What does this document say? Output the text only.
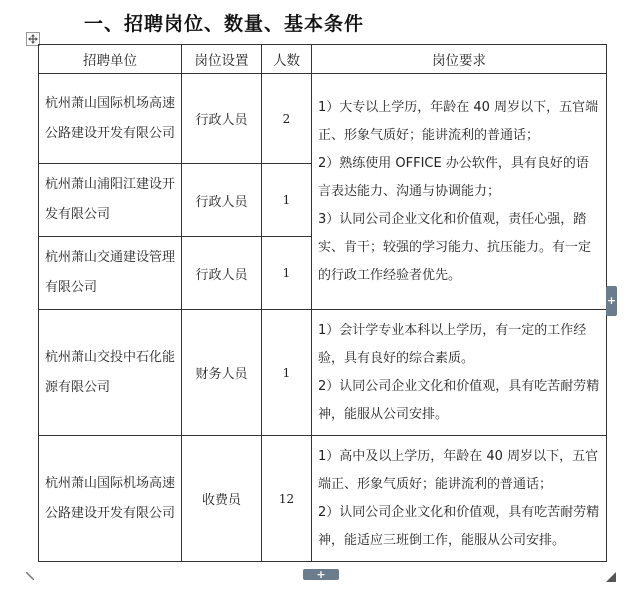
一、招聘岗位、数量、基本条件
招聘单位	岗位设置	人数	岗位要求
杭州萧山国际机场高速公路建设开发有限公司	行政人员	2	1）大专以上学历，年龄在 40 周岁以下，五官端正、形象气质好；能讲流利的普通话；

2）熟练使用 OFFICE 办公软件，具有良好的语言表达能力、沟通与协调能力；

3）认同公司企业文化和价值观，责任心强，踏实、肯干；较强的学习能力、抗压能力。有一定的行政工作经验者优先。

杭州萧山浦阳江建设开发有限公司	行政人员	1	
杭州萧山交通建设管理有限公司	行政人员	1	
杭州萧山交投中石化能源有限公司	财务人员	1	1）会计学专业本科以上学历，有一定的工作经验，具有良好的综合素质。

2）认同公司企业文化和价值观，具有吃苦耐劳精神，能服从公司安排。

杭州萧山国际机场高速公路建设开发有限公司	收费员	12	1）高中及以上学历，年龄在 40 周岁以下，五官端正、形象气质好；能讲流利的普通话；

2）认同公司企业文化和价值观，具有吃苦耐劳精神，能适应三班倒工作，能服从公司安排。

+
+
